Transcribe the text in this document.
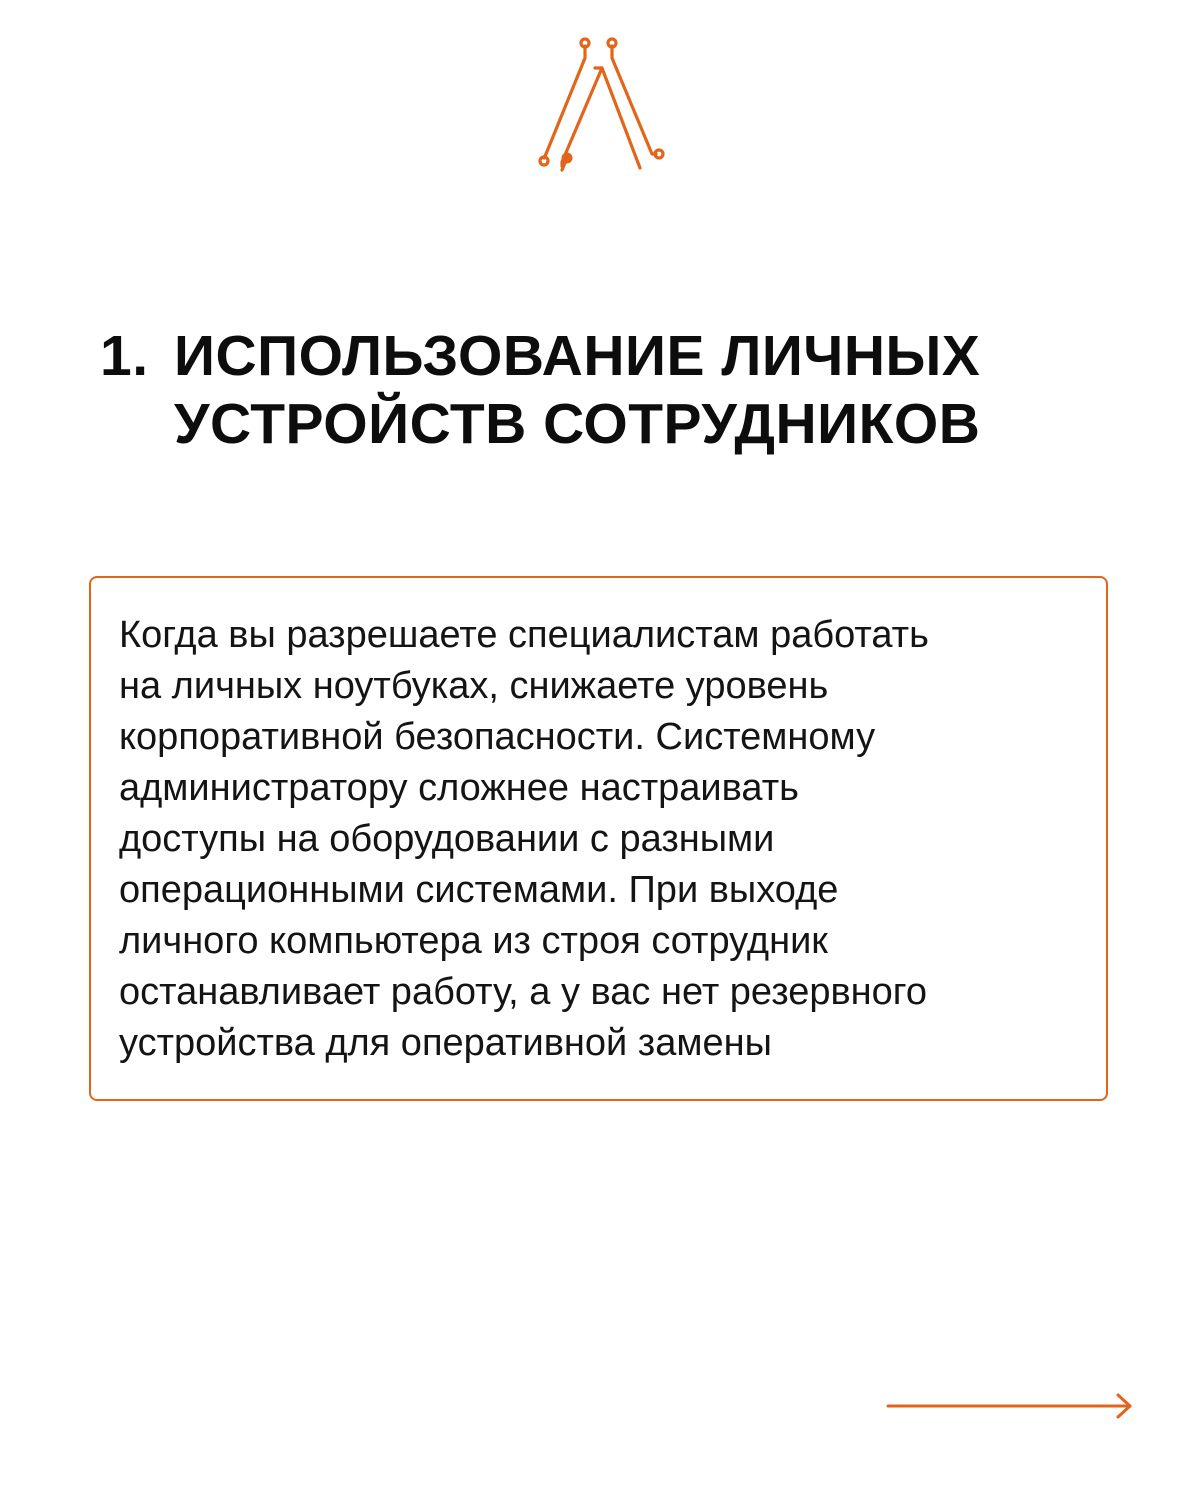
1. ИСПОЛЬЗОВАНИЕ ЛИЧНЫХ
УСТРОЙСТВ СОТРУДНИКОВ

Когда вы разрешаете специалистам работать
на личных ноутбуках, снижаете уровень
корпоративной безопасности. Системному
администратору сложнее настраивать
доступы на оборудовании с разными
операционными системами. При выходе
личного компьютера из строя сотрудник
останавливает работу, а у вас нет резервного
устройства для оперативной замены
